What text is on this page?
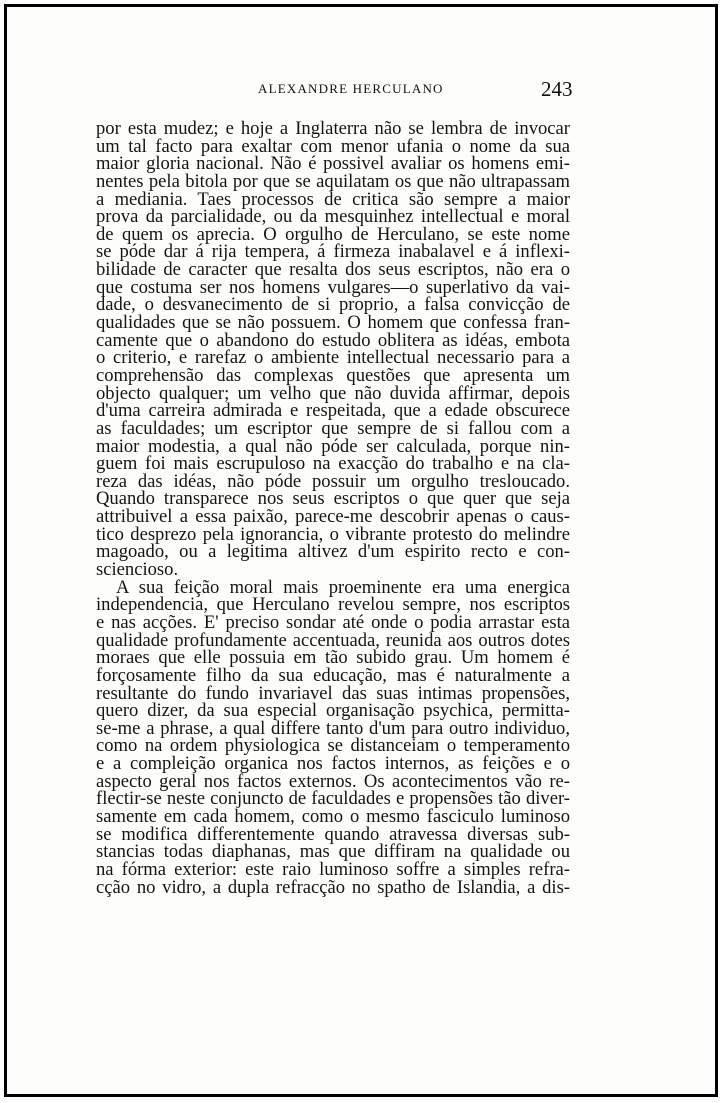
ALEXANDRE HERCULANO	243
por esta mudez; e hoje a Inglaterra não se lembra de invocar
um tal facto para exaltar com menor ufania o nome da sua
maior gloria nacional. Não é possivel avaliar os homens emi-
nentes pela bitola por que se aquilatam os que não ultrapassam
a mediania. Taes processos de critica são sempre a maior
prova da parcialidade, ou da mesquinhez intellectual e moral
de quem os aprecia. O orgulho de Herculano, se este nome
se póde dar á rija tempera, á firmeza inabalavel e á inflexi-
bilidade de caracter que resalta dos seus escriptos, não era o
que costuma ser nos homens vulgares—o superlativo da vai-
dade, o desvanecimento de si proprio, a falsa convicção de
qualidades que se não possuem. O homem que confessa fran-
camente que o abandono do estudo oblitera as idéas, embota
o criterio, e rarefaz o ambiente intellectual necessario para a
comprehensão das complexas questões que apresenta um
objecto qualquer; um velho que não duvida affirmar, depois
d'uma carreira admirada e respeitada, que a edade obscurece
as faculdades; um escriptor que sempre de si fallou com a
maior modestia, a qual não póde ser calculada, porque nin-
guem foi mais escrupuloso na exacção do trabalho e na cla-
reza das idéas, não póde possuir um orgulho tresloucado.
Quando transparece nos seus escriptos o que quer que seja
attribuivel a essa paixão, parece-me descobrir apenas o caus-
tico desprezo pela ignorancia, o vibrante protesto do melindre
magoado, ou a legitima altivez d'um espirito recto e con-
sciencioso.
A sua feição moral mais proeminente era uma energica
independencia, que Herculano revelou sempre, nos escriptos
e nas acções. E' preciso sondar até onde o podia arrastar esta
qualidade profundamente accentuada, reunida aos outros dotes
moraes que elle possuia em tão subido grau. Um homem é
forçosamente filho da sua educação, mas é naturalmente a
resultante do fundo invariavel das suas intimas propensões,
quero dizer, da sua especial organisação psychica, permitta-
se-me a phrase, a qual differe tanto d'um para outro individuo,
como na ordem physiologica se distanceiam o temperamento
e a compleição organica nos factos internos, as feições e o
aspecto geral nos factos externos. Os acontecimentos vão re-
flectir-se neste conjuncto de faculdades e propensões tão diver-
samente em cada homem, como o mesmo fasciculo luminoso
se modifica differentemente quando atravessa diversas sub-
stancias todas diaphanas, mas que diffiram na qualidade ou
na fórma exterior: este raio luminoso soffre a simples refra-
cção no vidro, a dupla refracção no spatho de Islandia, a dis-
